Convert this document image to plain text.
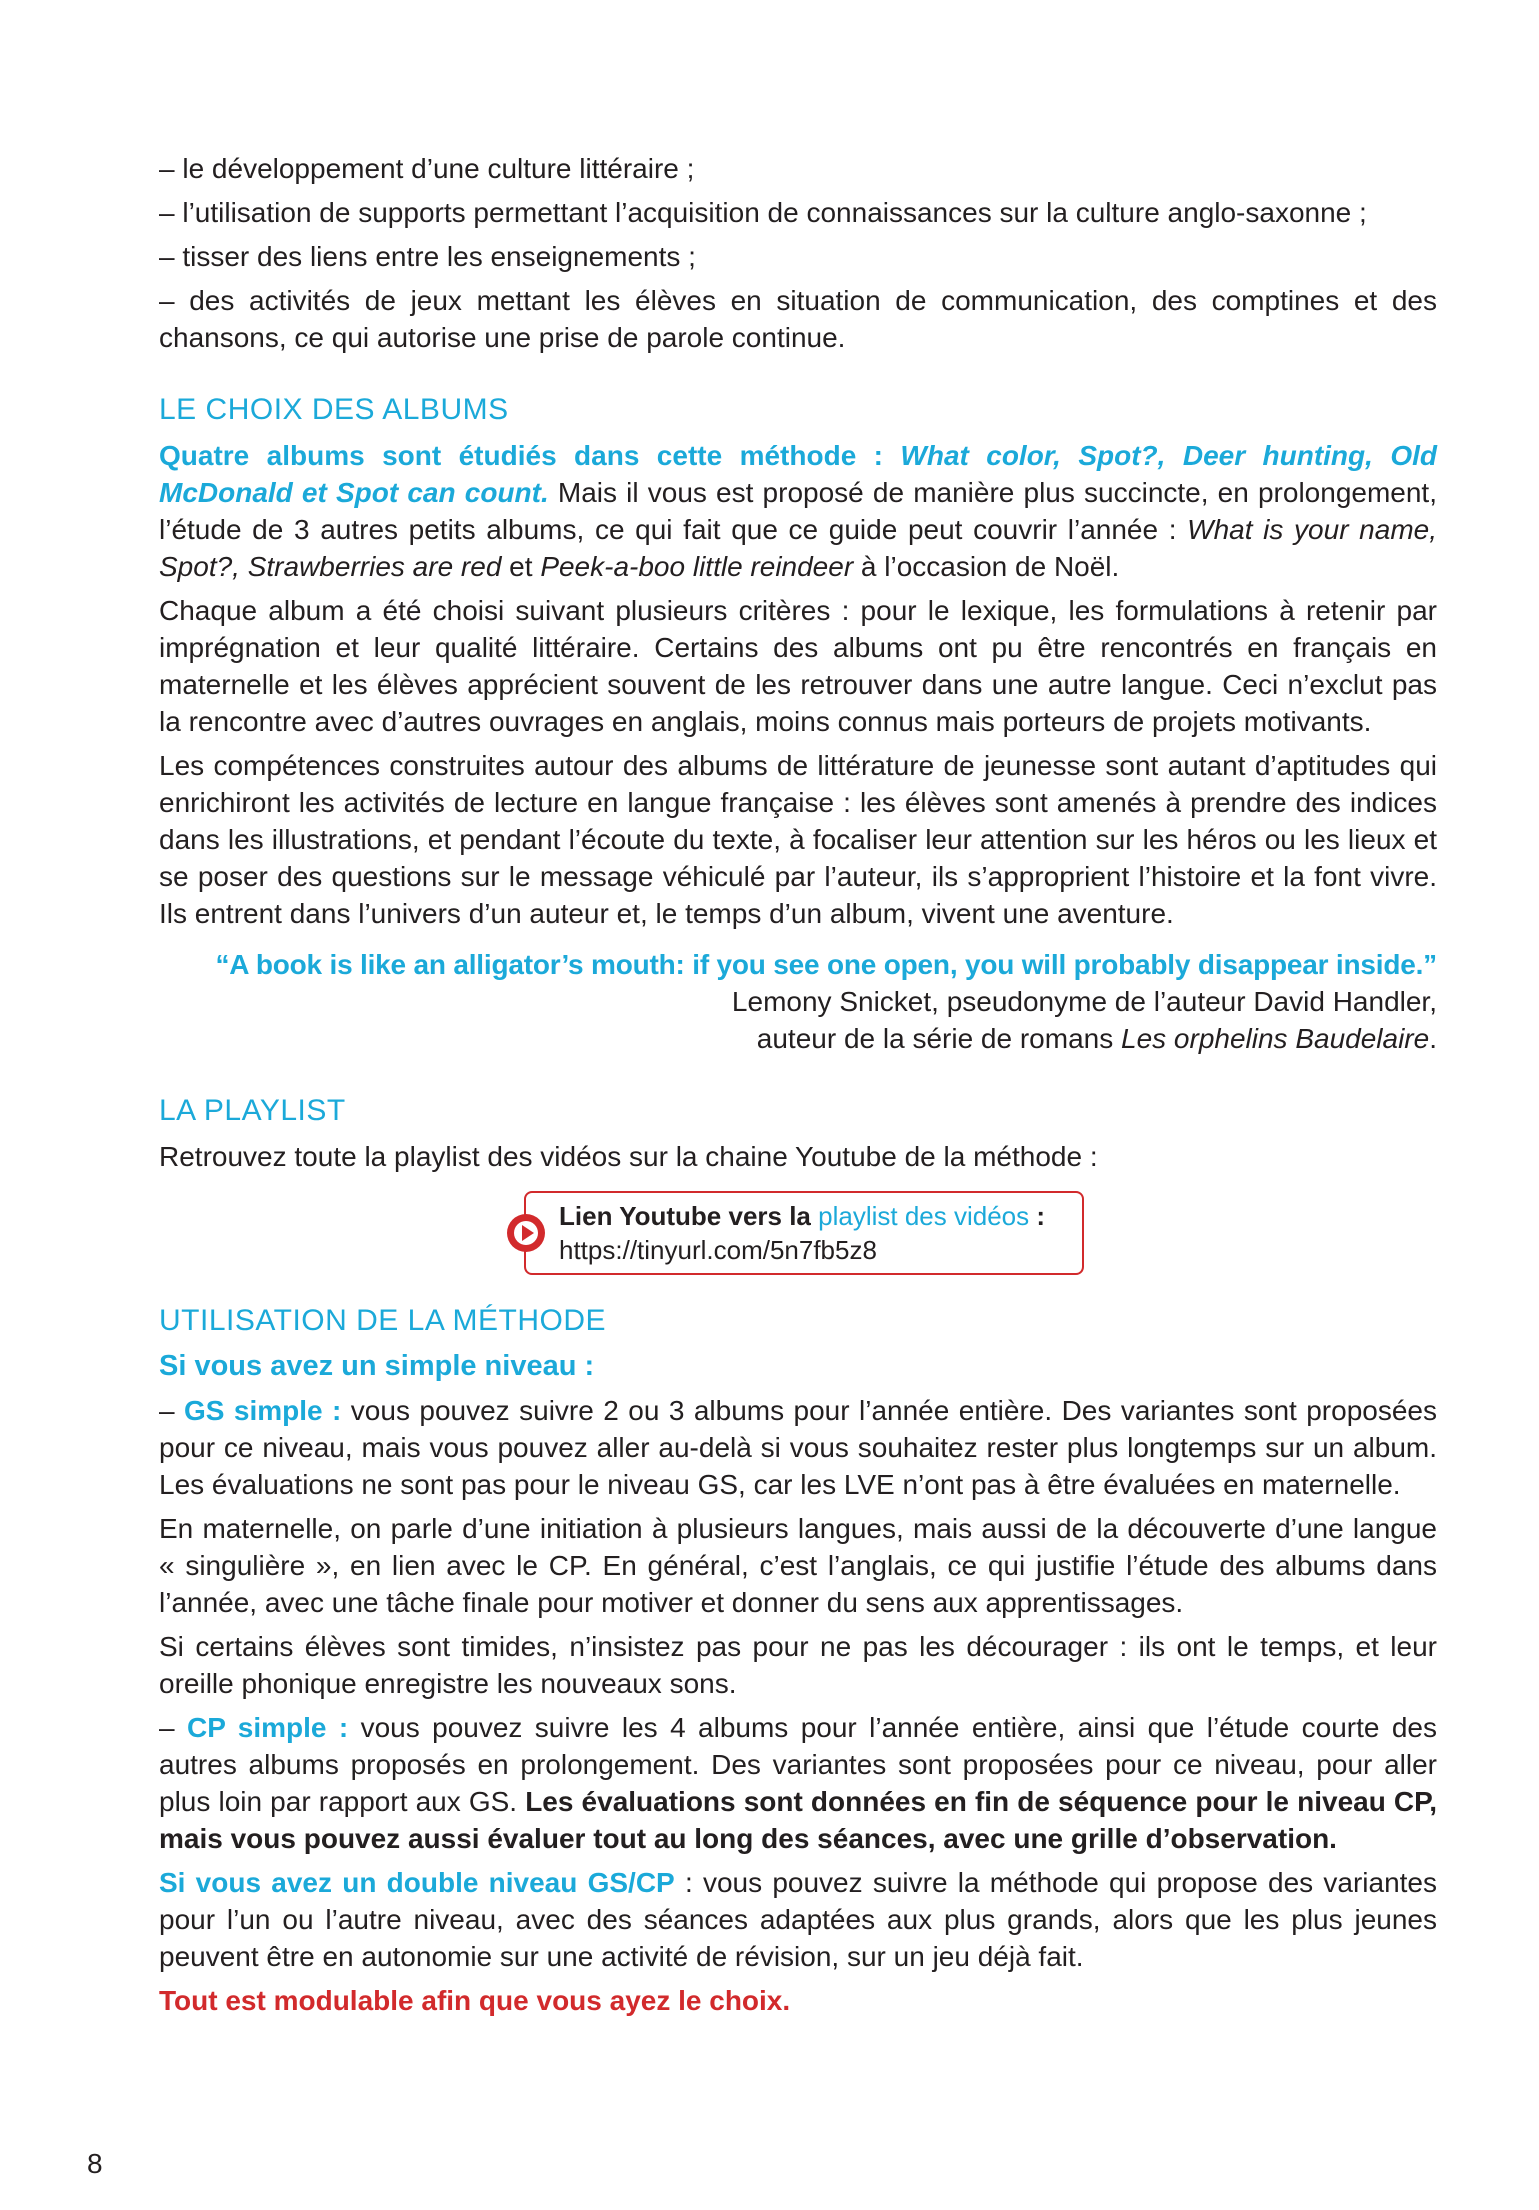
– le développement d’une culture littéraire ;

– l’utilisation de supports permettant l’acquisition de connaissances sur la culture anglo-saxonne ;

– tisser des liens entre les enseignements ;

– des activités de jeux mettant les élèves en situation de communication, des comptines et des chansons, ce qui autorise une prise de parole continue.

LE CHOIX DES ALBUMS

Quatre albums sont étudiés dans cette méthode : What color, Spot?, Deer hunting, Old McDonald et Spot can count. Mais il vous est proposé de manière plus succincte, en prolongement, l’étude de 3 autres petits albums, ce qui fait que ce guide peut couvrir l’année : What is your name, Spot?, Strawberries are red et Peek-a-boo little reindeer à l’occasion de Noël.

Chaque album a été choisi suivant plusieurs critères : pour le lexique, les formulations à retenir par imprégnation et leur qualité littéraire. Certains des albums ont pu être rencontrés en français en maternelle et les élèves apprécient souvent de les retrouver dans une autre langue. Ceci n’exclut pas la rencontre avec d’autres ouvrages en anglais, moins connus mais porteurs de projets motivants.

Les compétences construites autour des albums de littérature de jeunesse sont autant d’aptitudes qui enrichiront les activités de lecture en langue française : les élèves sont amenés à prendre des indices dans les illustrations, et pendant l’écoute du texte, à focaliser leur attention sur les héros ou les lieux et se poser des questions sur le message véhiculé par l’auteur, ils s’approprient l’histoire et la font vivre. Ils entrent dans l’univers d’un auteur et, le temps d’un album, vivent une aventure.

“A book is like an alligator’s mouth: if you see one open, you will probably disappear inside.”

Lemony Snicket, pseudonyme de l’auteur David Handler,

auteur de la série de romans Les orphelins Baudelaire.

LA PLAYLIST

Retrouvez toute la playlist des vidéos sur la chaine Youtube de la méthode :

Lien Youtube vers la playlist des vidéos :
https://tinyurl.com/5n7fb5z8
UTILISATION DE LA MÉTHODE
Si vous avez un simple niveau :

– GS simple : vous pouvez suivre 2 ou 3 albums pour l’année entière. Des variantes sont proposées pour ce niveau, mais vous pouvez aller au-delà si vous souhaitez rester plus longtemps sur un album. Les évaluations ne sont pas pour le niveau GS, car les LVE n’ont pas à être évaluées en maternelle.

En maternelle, on parle d’une initiation à plusieurs langues, mais aussi de la découverte d’une langue « singulière », en lien avec le CP. En général, c’est l’anglais, ce qui justifie l’étude des albums dans l’année, avec une tâche finale pour motiver et donner du sens aux apprentissages.

Si certains élèves sont timides, n’insistez pas pour ne pas les décourager : ils ont le temps, et leur oreille phonique enregistre les nouveaux sons.

– CP simple : vous pouvez suivre les 4 albums pour l’année entière, ainsi que l’étude courte des autres albums proposés en prolongement. Des variantes sont proposées pour ce niveau, pour aller plus loin par rapport aux GS. Les évaluations sont données en fin de séquence pour le niveau CP, mais vous pouvez aussi évaluer tout au long des séances, avec une grille d’observation.

Si vous avez un double niveau GS/CP : vous pouvez suivre la méthode qui propose des variantes pour l’un ou l’autre niveau, avec des séances adaptées aux plus grands, alors que les plus jeunes peuvent être en autonomie sur une activité de révision, sur un jeu déjà fait.

Tout est modulable afin que vous ayez le choix.

8
